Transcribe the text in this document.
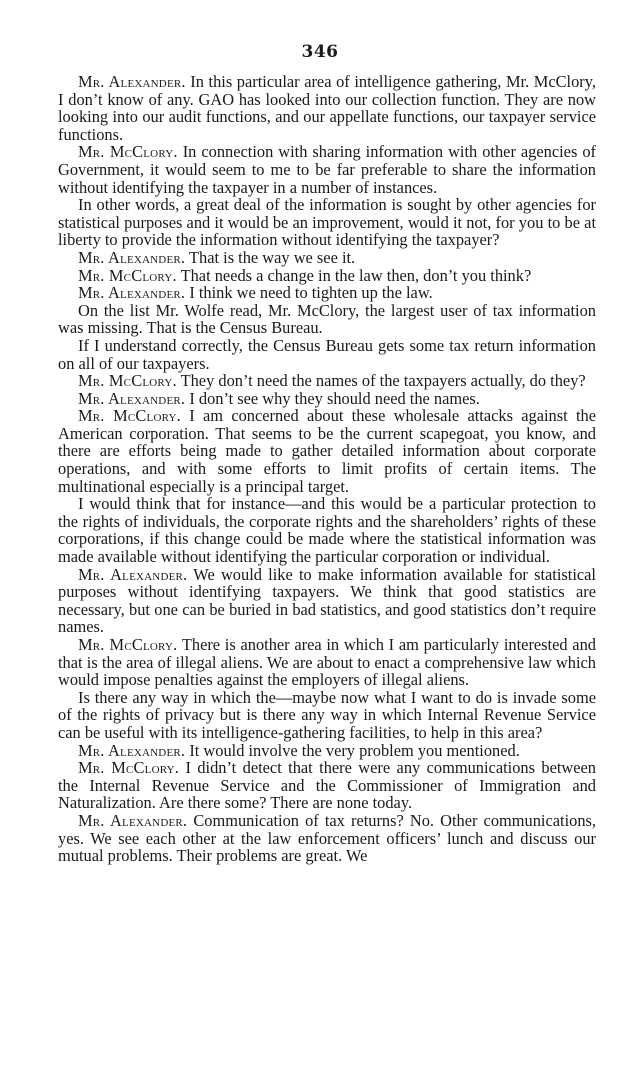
346

Mr. Alexander. In this particular area of intelligence gathering, Mr. McClory, I don’t know of any. GAO has looked into our collection function. They are now looking into our audit functions, and our appellate functions, our taxpayer service functions.

Mr. McClory. In connection with sharing information with other agencies of Government, it would seem to me to be far preferable to share the information without identifying the taxpayer in a number of instances.

In other words, a great deal of the information is sought by other agencies for statistical purposes and it would be an improvement, would it not, for you to be at liberty to provide the information without identifying the taxpayer?

Mr. Alexander. That is the way we see it.

Mr. McClory. That needs a change in the law then, don’t you think?

Mr. Alexander. I think we need to tighten up the law.

On the list Mr. Wolfe read, Mr. McClory, the largest user of tax information was missing. That is the Census Bureau.

If I understand correctly, the Census Bureau gets some tax return information on all of our taxpayers.

Mr. McClory. They don’t need the names of the taxpayers actually, do they?

Mr. Alexander. I don’t see why they should need the names.

Mr. McClory. I am concerned about these wholesale attacks against the American corporation. That seems to be the current scapegoat, you know, and there are efforts being made to gather detailed information about corporate operations, and with some efforts to limit profits of certain items. The multinational especially is a principal target.

I would think that for instance—and this would be a particular protection to the rights of individuals, the corporate rights and the shareholders’ rights of these corporations, if this change could be made where the statistical information was made available without identifying the particular corporation or individual.

Mr. Alexander. We would like to make information available for statistical purposes without identifying taxpayers. We think that good statistics are necessary, but one can be buried in bad statistics, and good statistics don’t require names.

Mr. McClory. There is another area in which I am particularly interested and that is the area of illegal aliens. We are about to enact a comprehensive law which would impose penalties against the employers of illegal aliens.

Is there any way in which the—maybe now what I want to do is invade some of the rights of privacy but is there any way in which Internal Revenue Service can be useful with its intelligence-gathering facilities, to help in this area?

Mr. Alexander. It would involve the very problem you mentioned.

Mr. McClory. I didn’t detect that there were any communications between the Internal Revenue Service and the Commissioner of Immigration and Naturalization. Are there some? There are none today.

Mr. Alexander. Communication of tax returns? No. Other communications, yes. We see each other at the law enforcement officers’ lunch and discuss our mutual problems. Their problems are great. We
